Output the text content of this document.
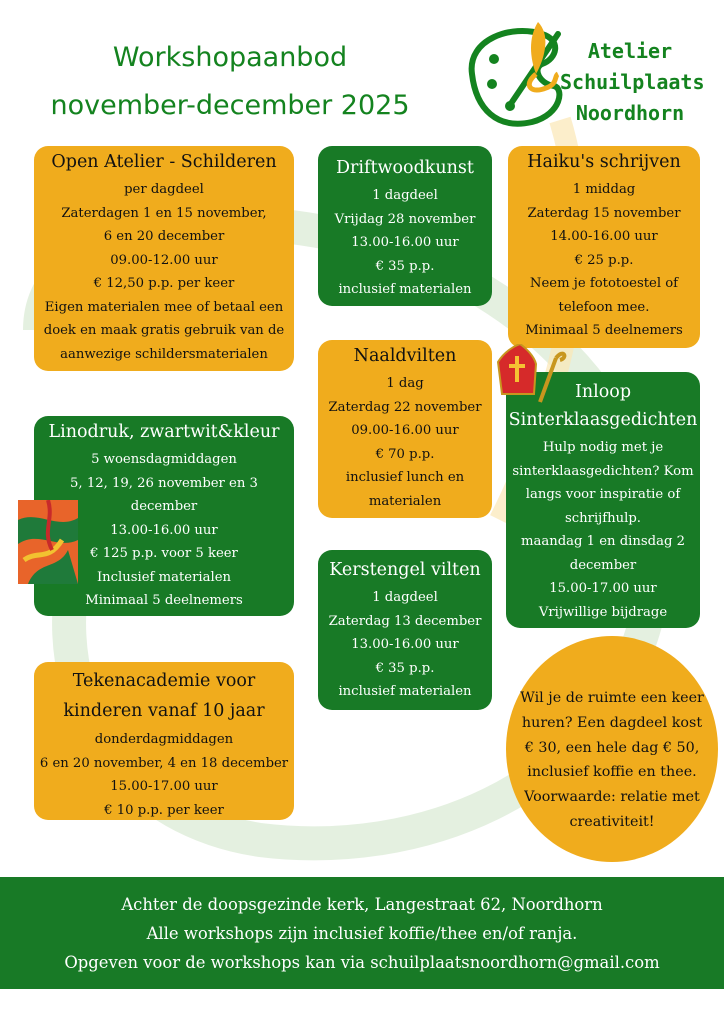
Workshopaanbod
november-december 2025
Atelier
Schuilplaats
Noordhorn
Open Atelier - Schilderen
per dagdeel
Zaterdagen 1 en 15 november,
6 en 20 december
09.00-12.00 uur
€ 12,50 p.p. per keer
Eigen materialen mee of betaal een
doek en maak gratis gebruik van de
aanwezige schildersmaterialen
Driftwoodkunst
1 dagdeel
Vrijdag 28 november
13.00-16.00 uur
€ 35 p.p.
inclusief materialen
Haiku's schrijven
1 middag
Zaterdag 15 november
14.00-16.00 uur
€ 25 p.p.
Neem je fototoestel of
telefoon mee.
Minimaal 5 deelnemers
Naaldvilten
1 dag
Zaterdag 22 november
09.00-16.00 uur
€ 70 p.p.
inclusief lunch en
materialen
Inloop
Sinterklaasgedichten
Hulp nodig met je
sinterklaasgedichten? Kom
langs voor inspiratie of
schrijfhulp.
maandag 1 en dinsdag 2
december
15.00-17.00 uur
Vrijwillige bijdrage
Linodruk, zwartwit&kleur
5 woensdagmiddagen
5, 12, 19, 26 november en 3
december
13.00-16.00 uur
€ 125 p.p. voor 5 keer
Inclusief materialen
Minimaal 5 deelnemers
Kerstengel vilten
1 dagdeel
Zaterdag 13 december
13.00-16.00 uur
€ 35 p.p.
inclusief materialen
Tekenacademie voor
kinderen vanaf 10 jaar
donderdagmiddagen
6 en 20 november, 4 en 18 december
15.00-17.00 uur
€ 10 p.p. per keer
Wil je de ruimte een keer
huren? Een dagdeel kost
€ 30, een hele dag € 50,
inclusief koffie en thee.
Voorwaarde: relatie met
creativiteit!
Achter de doopsgezinde kerk, Langestraat 62, Noordhorn
Alle workshops zijn inclusief koffie/thee en/of ranja.
Opgeven voor de workshops kan via schuilplaatsnoordhorn@gmail.com
